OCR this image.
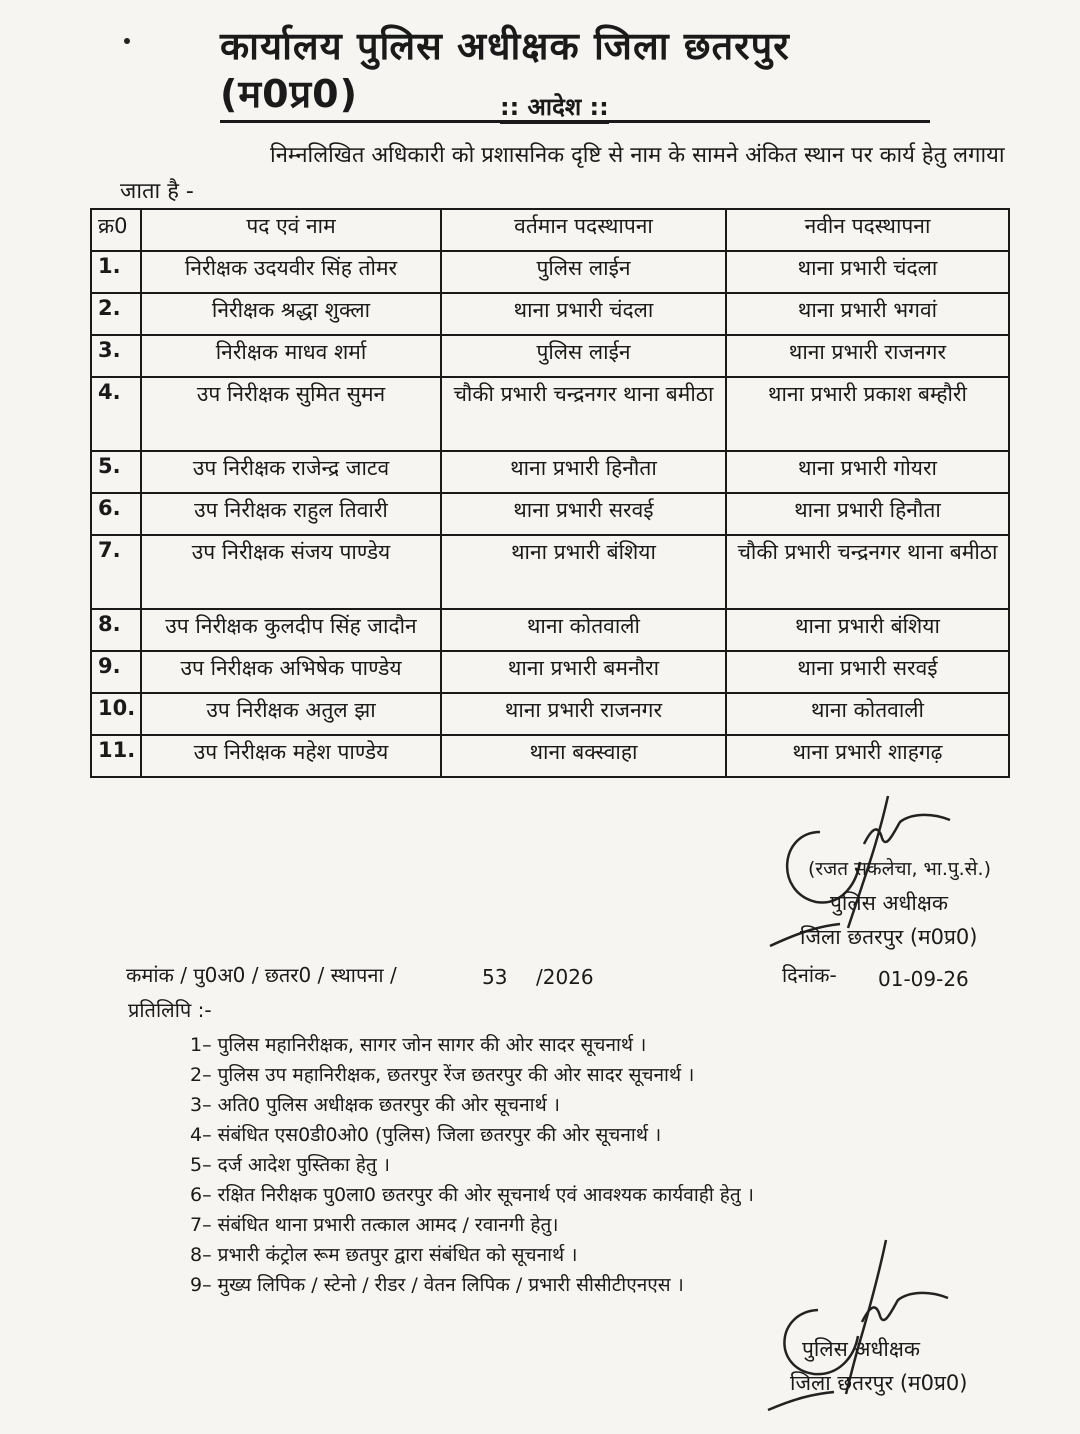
कार्यालय पुलिस अधीक्षक जिला छतरपुर (म0प्र0)	:: आदेश ::
निम्नलिखित अधिकारी को प्रशासनिक दृष्टि से नाम के सामने अंकित स्थान पर कार्य हेतु लगाया जाता है -
क्र0	पद एवं नाम	वर्तमान पदस्थापना	नवीन पदस्थापना
1.	निरीक्षक उदयवीर सिंह तोमर	पुलिस लाईन	थाना प्रभारी चंदला
2.	निरीक्षक श्रद्धा शुक्ला	थाना प्रभारी चंदला	थाना प्रभारी भगवां
3.	निरीक्षक माधव शर्मा	पुलिस लाईन	थाना प्रभारी राजनगर
4.	उप निरीक्षक सुमित सुमन	चौकी प्रभारी चन्द्रनगर थाना बमीठा	थाना प्रभारी प्रकाश बम्हौरी
5.	उप निरीक्षक राजेन्द्र जाटव	थाना प्रभारी हिनौता	थाना प्रभारी गोयरा
6.	उप निरीक्षक राहुल तिवारी	थाना प्रभारी सरवई	थाना प्रभारी हिनौता
7.	उप निरीक्षक संजय पाण्डेय	थाना प्रभारी बंशिया	चौकी प्रभारी चन्द्रनगर थाना बमीठा
8.	उप निरीक्षक कुलदीप सिंह जादौन	थाना कोतवाली	थाना प्रभारी बंशिया
9.	उप निरीक्षक अभिषेक पाण्डेय	थाना प्रभारी बमनौरा	थाना प्रभारी सरवई
10.	उप निरीक्षक अतुल झा	थाना प्रभारी राजनगर	थाना कोतवाली
11.	उप निरीक्षक महेश पाण्डेय	थाना बक्स्वाहा	थाना प्रभारी शाहगढ़
(रजत सकलेचा, भा.पु.से.)
पुलिस अधीक्षक
जिला छतरपुर (म0प्र0)
कमांक / पु0अ0 / छतर0 / स्थापना /	53 /2026	दिनांक- 01-09-26
प्रतिलिपि :-
1– पुलिस महानिरीक्षक, सागर जोन सागर की ओर सादर सूचनार्थ ।
2– पुलिस उप महानिरीक्षक, छतरपुर रेंज छतरपुर की ओर सादर सूचनार्थ ।
3– अति0 पुलिस अधीक्षक छतरपुर की ओर सूचनार्थ ।
4– संबंधित एस0डी0ओ0 (पुलिस) जिला छतरपुर की ओर सूचनार्थ ।
5– दर्ज आदेश पुस्तिका हेतु ।
6– रक्षित निरीक्षक पु0ला0 छतरपुर की ओर सूचनार्थ एवं आवश्यक कार्यवाही हेतु ।
7– संबंधित थाना प्रभारी तत्काल आमद / रवानगी हेतु।
8– प्रभारी कंट्रोल रूम छतपुर द्वारा संबंधित को सूचनार्थ ।
9– मुख्य लिपिक / स्टेनो / रीडर / वेतन लिपिक / प्रभारी सीसीटीएनएस ।
पुलिस अधीक्षक
जिला छतरपुर (म0प्र0)
